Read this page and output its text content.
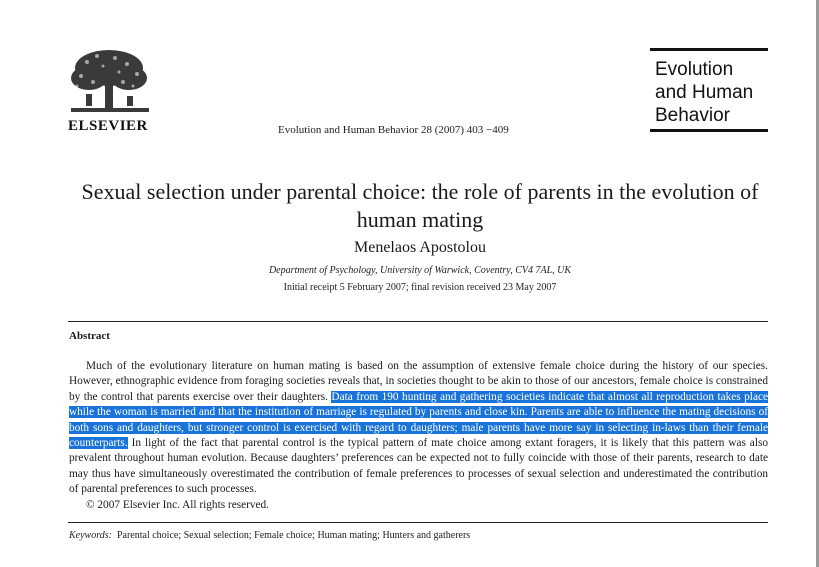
ELSEVIER	Evolution and Human Behavior 28 (2007) 403 −409
Evolution
and Human
Behavior
Sexual selection under parental choice: the role of parents in the evolution of human mating
Menelaos Apostolou
Department of Psychology, University of Warwick, Coventry, CV4 7AL, UK
Initial receipt 5 February 2007; final revision received 23 May 2007
Abstract

Much of the evolutionary literature on human mating is based on the assumption of extensive female choice during the history of our species. However, ethnographic evidence from foraging societies reveals that, in societies thought to be akin to those of our ancestors, female choice is constrained by the control that parents exercise over their daughters. Data from 190 hunting and gathering societies indicate that almost all reproduction takes place while the woman is married and that the institution of marriage is regulated by parents and close kin. Parents are able to influence the mating decisions of both sons and daughters, but stronger control is exercised with regard to daughters; male parents have more say in selecting in-laws than their female counterparts. In light of the fact that parental control is the typical pattern of mate choice among extant foragers, it is likely that this pattern was also prevalent throughout human evolution. Because daughters’ preferences can be expected not to fully coincide with those of their parents, research to date may thus have simultaneously overestimated the contribution of female preferences to processes of sexual selection and underestimated the contribution of parental preferences to such processes.

© 2007 Elsevier Inc. All rights reserved.

Keywords: Parental choice; Sexual selection; Female choice; Human mating; Hunters and gatherers
